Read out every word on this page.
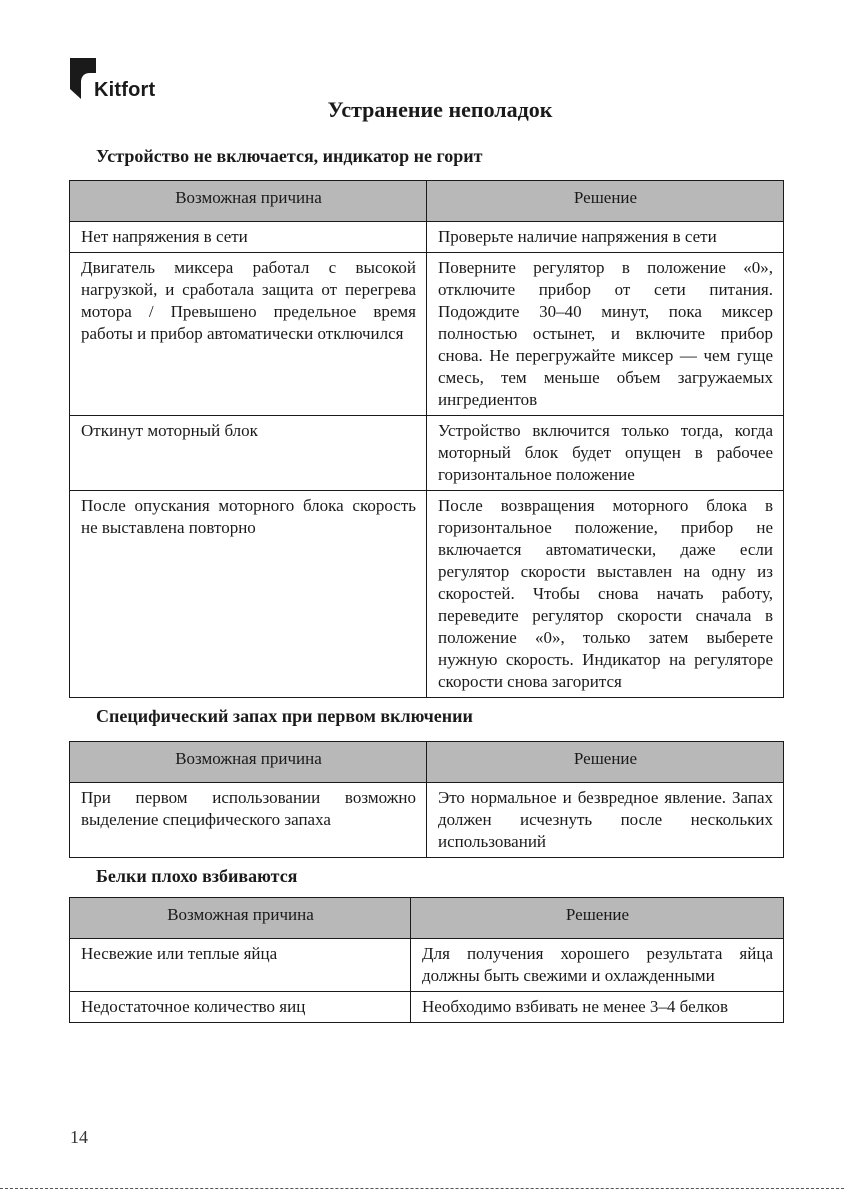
Kitfort
Устранение неполадок
Устройство не включается, индикатор не горит
Возможная причина	Решение
Нет напряжения в сети	Проверьте наличие напряжения в сети
Двигатель миксера работал с высокой нагрузкой, и сработала защита от перегрева мотора / Превышено предельное время работы и прибор автоматически отключился	Поверните регулятор в положение «0», отключите прибор от сети питания. Подождите 30–40 минут, пока миксер полностью остынет, и включите прибор снова. Не перегружайте миксер — чем гуще смесь, тем меньше объем загружаемых ингредиентов
Откинут моторный блок	Устройство включится только тогда, когда моторный блок будет опущен в рабочее горизонтальное положение
После опускания моторного блока скорость не выставлена повторно	После возвращения моторного блока в горизонтальное положение, прибор не включается автоматически, даже если регулятор скорости выставлен на одну из скоростей. Чтобы снова начать работу, переведите регулятор скорости сначала в положение «0», только затем выберете нужную скорость. Индикатор на регуляторе скорости снова загорится
Специфический запах при первом включении
Возможная причина	Решение
При первом использовании возможно выделение специфического запаха	Это нормальное и безвредное явление. Запах должен исчезнуть после нескольких использований
Белки плохо взбиваются
Возможная причина	Решение
Несвежие или теплые яйца	Для получения хорошего результата яйца должны быть свежими и охлажденными
Недостаточное количество яиц	Необходимо взбивать не менее 3–4 белков
14
